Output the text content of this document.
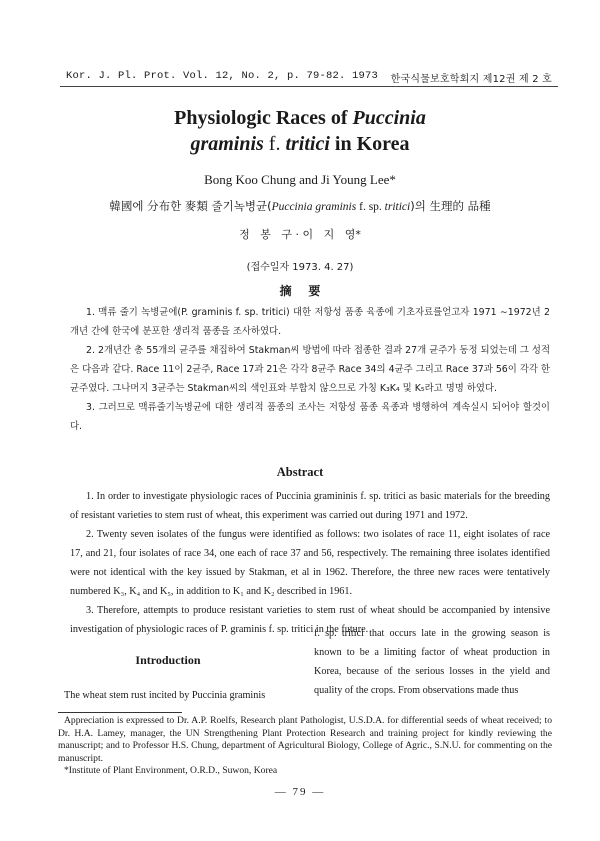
Kor. J. Pl. Prot. Vol. 12, No. 2, p. 79-82. 1973 한국식물보호학회지 제12권 제 2 호
Physiologic Races of Puccinia
graminis f. tritici in Korea
Bong Koo Chung and Ji Young Lee*
韓國에 分布한 麥類 줄기녹병균(Puccinia graminis f. sp. tritici)의 生理的 品種
정   봉   구 · 이   지   영*
(접수일자 1973. 4. 27)
摘    要

1. 맥류 줄기 녹병균에(P. graminis f. sp. tritici) 대한 저항성 품종 육종에 기초자료를얻고자 1971 ∼1972년 2개년 간에 한국에 분포한 생리적 품종을 조사하였다.

2. 2개년간 총 55개의 균주를 채집하여 Stakman씨 방법에 따라 접종한 결과 27개 균주가 동정 되었는데 그 성적은 다음과 같다. Race 11이 2균주, Race 17과 21은 각각 8균주 Race 34의 4균주 그리고 Race 37과 56이 각각 한 균주였다. 그나머지 3균주는 Stakman씨의 색인표와 부합치 않으므로 가칭 K₃K₄ 및 K₅라고 명명 하였다.

3. 그러므로 맥류줄기녹병균에 대한 생리적 품종의 조사는 저항성 품종 육종과 병행하여 계속실시 되어야 할것이다.

Abstract

1. In order to investigate physiologic races of Puccinia gramininis f. sp. tritici as basic materials for the breeding of resistant varieties to stem rust of wheat, this experiment was carried out during 1971 and 1972.

2. Twenty seven isolates of the fungus were identified as follows: two isolates of race 11, eight isolates of race 17, and 21, four isolates of race 34, one each of race 37 and 56, respectively. The remaining three isolates identified were not identical with the key issued by Stakman, et al in 1962. Therefore, the three new races were tentatively numbered K₃, K₄ and K₅, in addition to K₁ and K₂ described in 1961.

3. Therefore, attempts to produce resistant varieties to stem rust of wheat should be accompanied by intensive investigation of physiologic races of P. graminis f. sp. tritici in the future.

f. sp. tritici that occurs late in the growing season is known to be a limiting factor of wheat production in Korea, because of the serious losses in the yield and quality of the crops. From observations made thus
Introduction
The wheat stem rust incited by Puccinia graminis

Appreciation is expressed to Dr. A.P. Roelfs, Research plant Pathologist, U.S.D.A. for differential seeds of wheat received; to Dr. H.A. Lamey, manager, the UN Strengthening Plant Protection Research and training project for kindly reviewing the manuscript; and to Professor H.S. Chung, department of Agricultural Biology, College of Agric., S.N.U. for commenting on the manuscript.

*Institute of Plant Environment, O.R.D., Suwon, Korea

— 79 —
